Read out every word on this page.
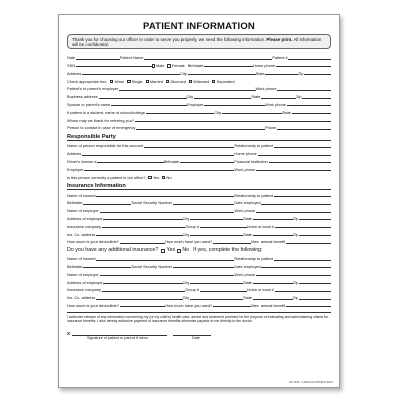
PATIENT INFORMATION
Thank you for choosing our office! In order to serve you properly, we need the following information. Please print. All information will be confidential.
Date	Patient Name	Patient #
SSN	Male Female Birthdate	Home phone
Address	City	State	Zip
Check appropriate box: Minor Single Married Divorced Widowed Separated
Patient's or parent's employer	Work phone
Business address	City	State	Zip
Spouse or parent's name	Employer	Work phone
If patient is a student, name of school/college	City	State
Whom may we thank for referring you?
Person to contact in case of emergency	Phone
Responsible Party
Name of person responsible for this account	Relationship to patient
Address	Home phone
Driver's license #	Birthdate	Financial Institution
Employer	Work phone
Is this person currently a patient in our office? Yes No
Insurance Information
Name of insured	Relationship to patient
Birthdate	Social Security Number	Date employed
Name of employer	Work phone
Address of employer	City	State	Zip
Insurance company	Group #	Union or local #
Ins. Co. address	City	State	Zip
How much is your deductible?	How much have you used?	Max. annual benefit
Do you have any additional insurance? Yes No If yes, complete the following:
Name of insured	Relationship to patient
Birthdate	Social Security Number	Date employed
Name of employer	Work phone
Address of employer	City	State	Zip
Insurance company	Group #	Union or local #
Ins. Co. address	City	State	Zip
How much is your deductible?	How much have you used?	Max. annual benefit
I authorize release of any information concerning my (or my child's) health care, advice and treatment provided for the purpose of evaluating and administering claims for insurance benefits. I also hereby authorize payment of insurance benefits otherwise payable to me directly to the doctor.
X
Signature of patient or parent if minor	Date
FM-1616 · 2-0060-001 PATIENT INFO
